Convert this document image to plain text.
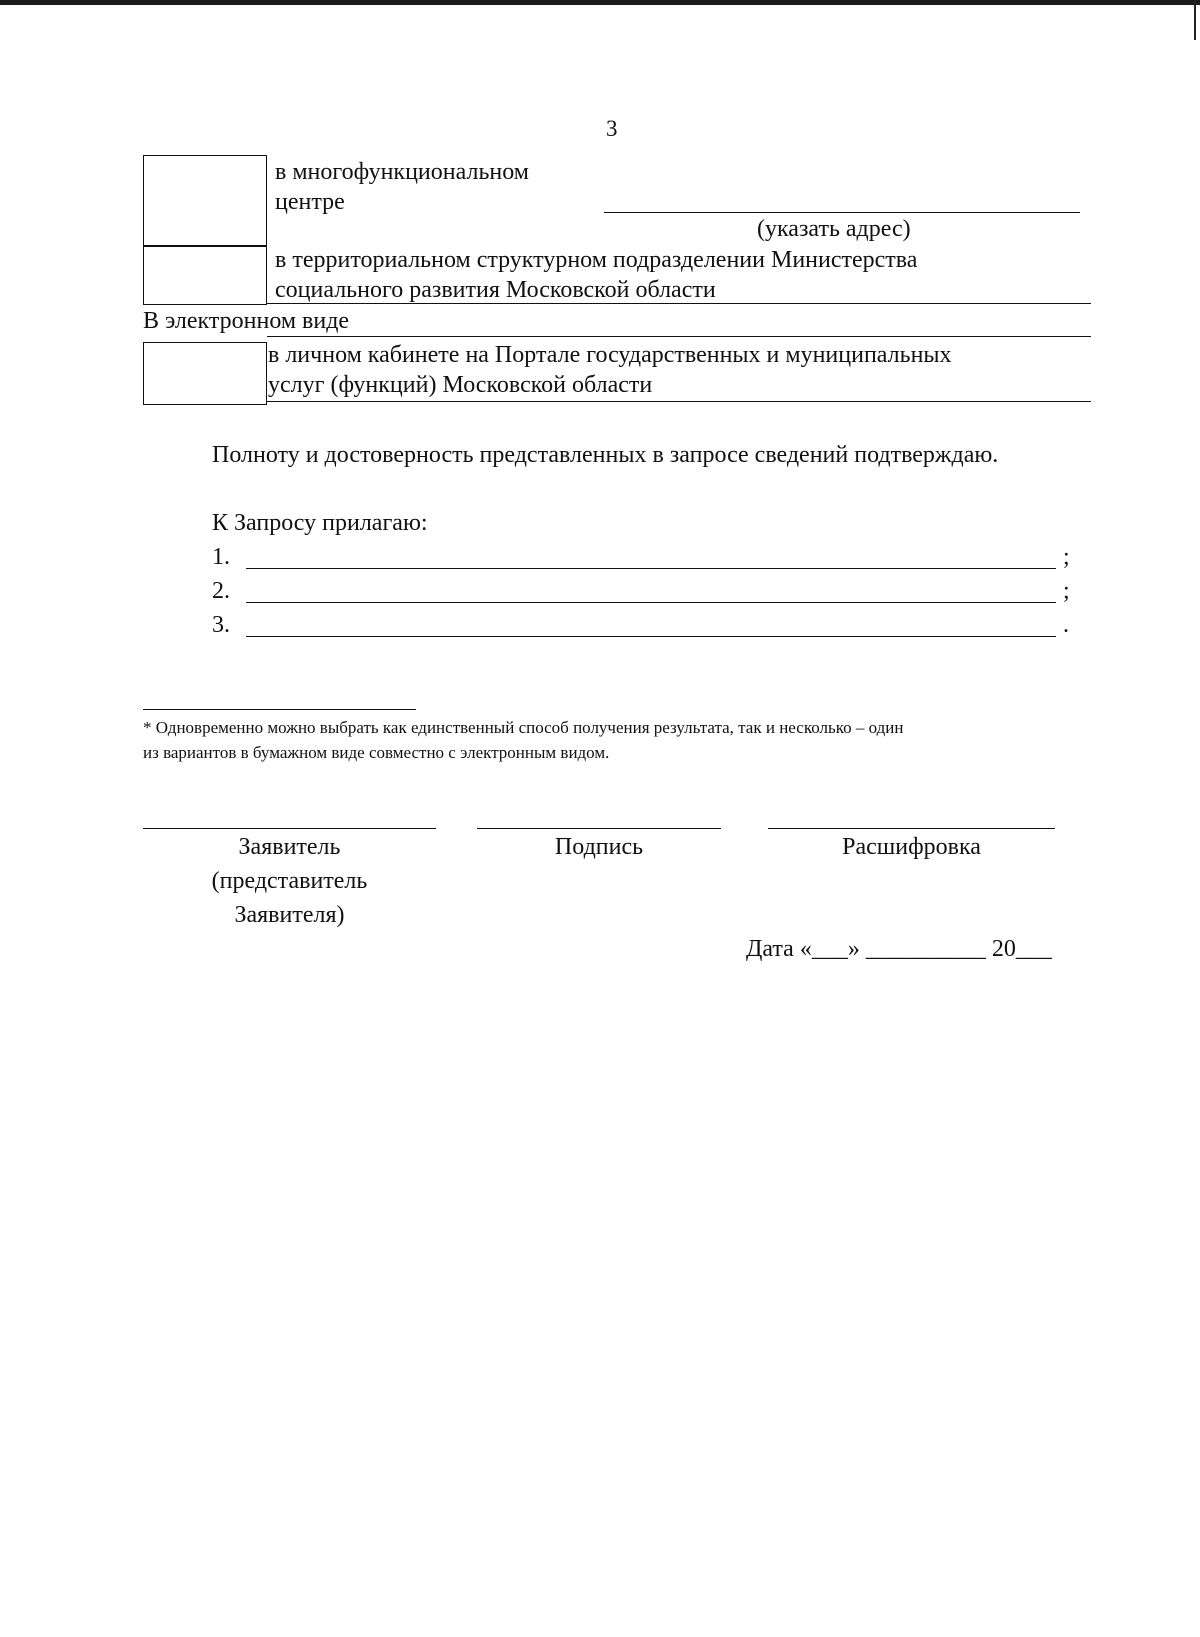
3
в многофункциональном
центре
(указать адрес)
в территориальном структурном подразделении Министерства
социального развития Московской области
В электронном виде
в личном кабинете на Портале государственных и муниципальных
услуг (функций) Московской области
Полноту и достоверность представленных в запросе сведений подтверждаю.
К Запросу прилагаю:
1.	;
2.	;
3.	.
* Одновременно можно выбрать как единственный способ получения результата, так и несколько – один
из вариантов в бумажном виде совместно с электронным видом.
Заявитель
(представитель
Заявителя)
Подпись	Расшифровка
Дата «___» __________ 20___
